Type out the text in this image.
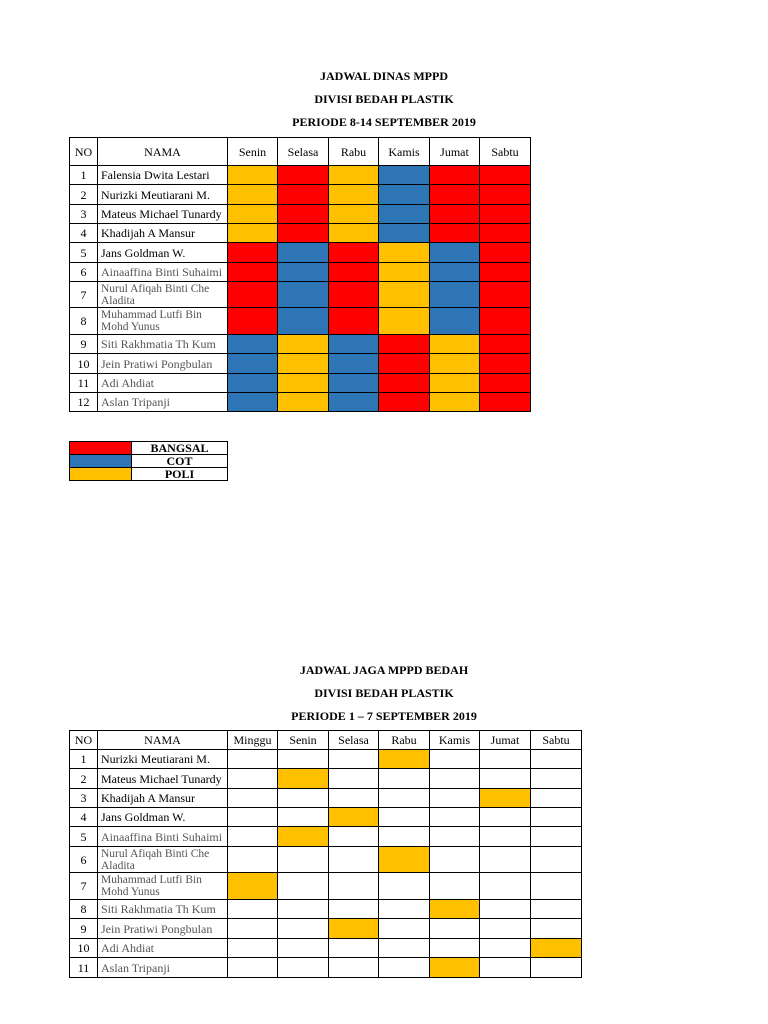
JADWAL DINAS MPPD
DIVISI BEDAH PLASTIK
PERIODE 8-14 SEPTEMBER 2019
NO	NAMA	Senin	Selasa	Rabu	Kamis	Jumat	Sabtu
1	Falensia Dwita Lestari						
2	Nurizki Meutiarani M.						
3	Mateus Michael Tunardy						
4	Khadijah A Mansur						
5	Jans Goldman W.						
6	Ainaaffina Binti Suhaimi						
7	Nurul Afiqah Binti Che Aladita						
8	Muhammad Lutfi Bin Mohd Yunus						
9	Siti Rakhmatia Th Kum						
10	Jein Pratiwi Pongbulan						
11	Adi Ahdiat						
12	Aslan Tripanji						
	BANGSAL
	COT
	POLI
JADWAL JAGA MPPD BEDAH
DIVISI BEDAH PLASTIK
PERIODE 1 – 7 SEPTEMBER 2019
NO	NAMA	Minggu	Senin	Selasa	Rabu	Kamis	Jumat	Sabtu
1	Nurizki Meutiarani M.							
2	Mateus Michael Tunardy							
3	Khadijah A Mansur							
4	Jans Goldman W.							
5	Ainaaffina Binti Suhaimi							
6	Nurul Afiqah Binti Che Aladita							
7	Muhammad Lutfi Bin Mohd Yunus							
8	Siti Rakhmatia Th Kum							
9	Jein Pratiwi Pongbulan							
10	Adi Ahdiat							
11	Aslan Tripanji							
